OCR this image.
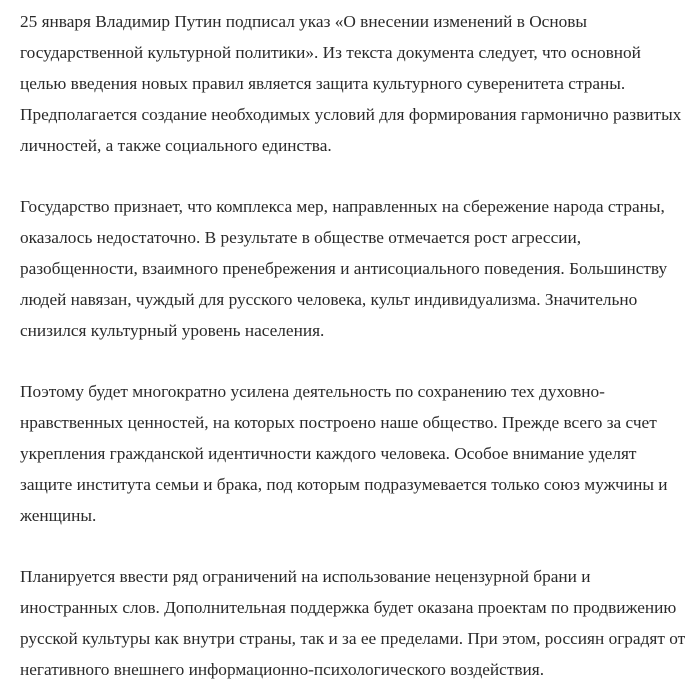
25 января Владимир Путин подписал указ «О внесении изменений в Основы государственной культурной политики». Из текста документа следует, что основной целью введения новых правил является защита культурного суверенитета страны. Предполагается создание необходимых условий для формирования гармонично развитых личностей, а также социального единства.

Государство признает, что комплекса мер, направленных на сбережение народа страны, оказалось недостаточно. В результате в обществе отмечается рост агрессии, разобщенности, взаимного пренебрежения и антисоциального поведения. Большинству людей навязан, чуждый для русского человека, культ индивидуализма. Значительно снизился культурный уровень населения.

Поэтому будет многократно усилена деятельность по сохранению тех духовно-нравственных ценностей, на которых построено наше общество. Прежде всего за счет укрепления гражданской идентичности каждого человека. Особое внимание уделят защите института семьи и брака, под которым подразумевается только союз мужчины и женщины.

Планируется ввести ряд ограничений на использование нецензурной брани и иностранных слов. Дополнительная поддержка будет оказана проектам по продвижению русской культуры как внутри страны, так и за ее пределами. При этом, россиян оградят от негативного внешнего информационно-психологического воздействия.
